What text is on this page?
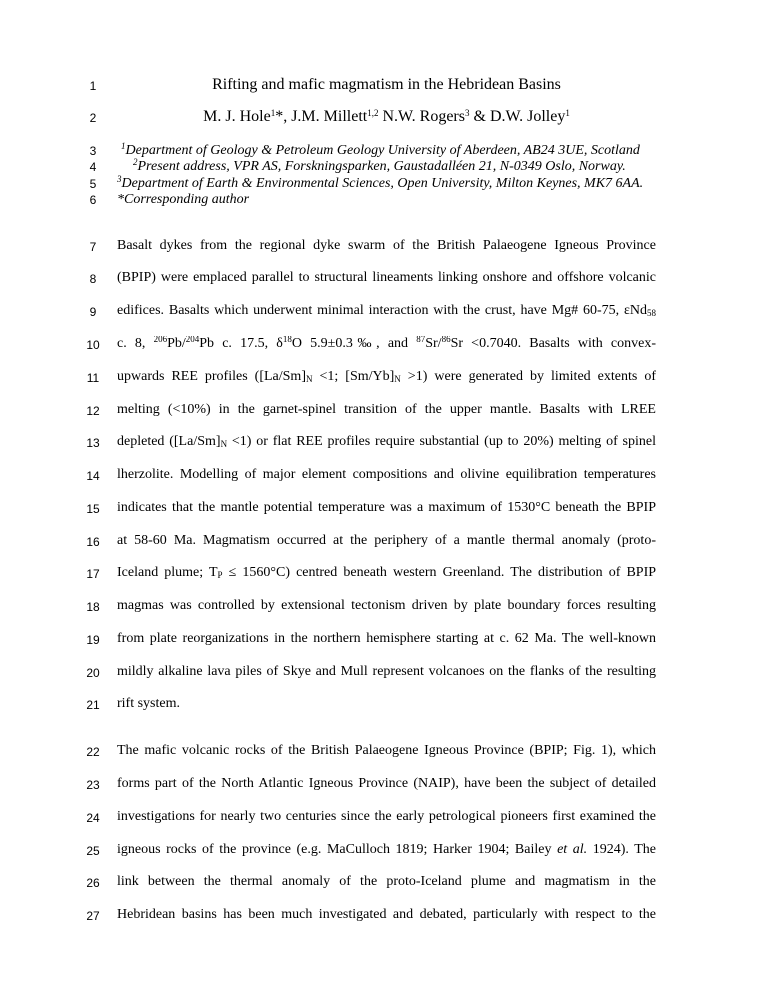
1
2
3
4
5
6
7
8
9
10
11
12
13
14
15
16
17
18
19
20
21
22
23
24
25
26
27
Rifting and mafic magmatism in the Hebridean Basins
M. J. Hole$^1$*, J.M. Millett$^{1,2}$ N.W. Rogers$^3$ & D.W. Jolley$^1$
$^1$Department of Geology & Petroleum Geology University of Aberdeen, AB24 3UE, Scotland
$^2$Present address, VPR AS, Forskningsparken, Gaustadalléen 21, N-0349 Oslo, Norway.
$^3$Department of Earth & Environmental Sciences, Open University, Milton Keynes, MK7 6AA.
*Corresponding author
Basalt dykes from the regional dyke swarm of the British Palaeogene Igneous Province
(BPIP) were emplaced parallel to structural lineaments linking onshore and offshore volcanic
edifices. Basalts which underwent minimal interaction with the crust, have Mg# 60-75, εNd$_{58}$
c. 8, $^{206}$Pb/$^{204}$Pb c. 17.5, $\delta^{18}O$ 5.9±0.3‰, and $^{87}$Sr/$^{86}$Sr <0.7040. Basalts with convex-
upwards REE profiles ($[La/Sm]_N <1$; $[Sm/Yb]_N >1$) were generated by limited extents of
melting (<10%) in the garnet-spinel transition of the upper mantle. Basalts with LREE
depleted $([La/Sm]_N <1)$ or flat REE profiles require substantial (up to 20%) melting of spinel
lherzolite. Modelling of major element compositions and olivine equilibration temperatures
indicates that the mantle potential temperature was a maximum of 1530°C beneath the BPIP
at 58-60 Ma. Magmatism occurred at the periphery of a mantle thermal anomaly (proto-
Iceland plume; $T_P \le 1560^\circ C$) centred beneath western Greenland. The distribution of BPIP
magmas was controlled by extensional tectonism driven by plate boundary forces resulting
from plate reorganizations in the northern hemisphere starting at c. 62 Ma. The well-known
mildly alkaline lava piles of Skye and Mull represent volcanoes on the flanks of the resulting
rift system.
The mafic volcanic rocks of the British Palaeogene Igneous Province (BPIP; Fig. 1), which
forms part of the North Atlantic Igneous Province (NAIP), have been the subject of detailed
investigations for nearly two centuries since the early petrological pioneers first examined the
igneous rocks of the province (e.g. MaCulloch 1819; Harker 1904; Bailey et al. 1924). The
link between the thermal anomaly of the proto-Iceland plume and magmatism in the
Hebridean basins has been much investigated and debated, particularly with respect to the
